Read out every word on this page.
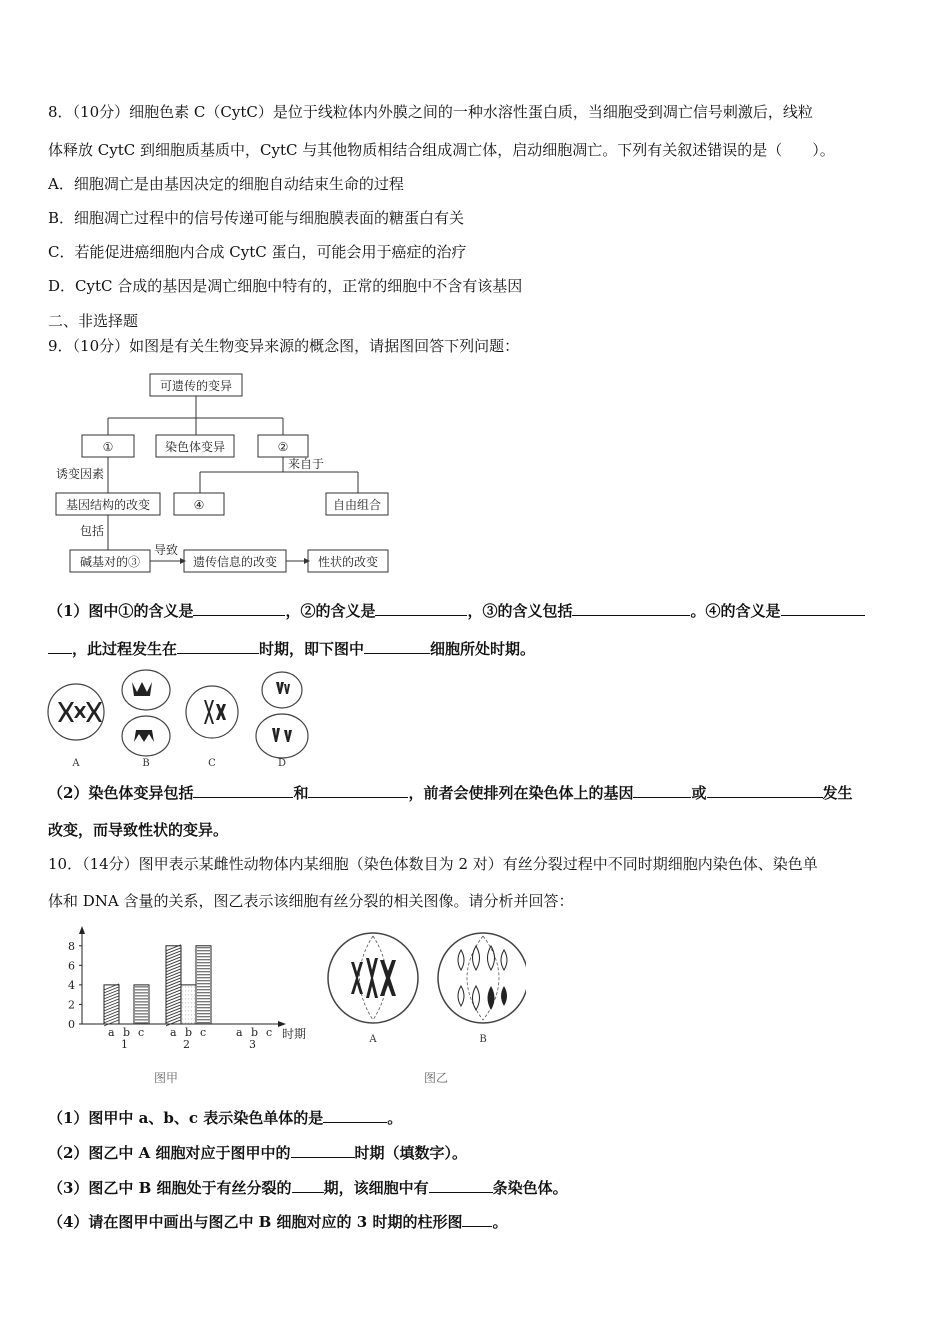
8．（10分）细胞色素 C（CytC）是位于线粒体内外膜之间的一种水溶性蛋白质，当细胞受到凋亡信号刺激后，线粒
体释放 CytC 到细胞质基质中，CytC 与其他物质相结合组成凋亡体，启动细胞凋亡。下列有关叙述错误的是（　　）。
A．细胞凋亡是由基因决定的细胞自动结束生命的过程
B．细胞凋亡过程中的信号传递可能与细胞膜表面的糖蛋白有关
C．若能促进癌细胞内合成 CytC 蛋白，可能会用于癌症的治疗
D．CytC 合成的基因是凋亡细胞中特有的，正常的细胞中不含有该基因
二、非选择题
9．（10分）如图是有关生物变异来源的概念图，请据图回答下列问题：
可遗传的变异
①	染色体变异	②
来自于
诱变因素
基因结构的改变	④	自由组合
包括
碱基对的③
导致
遗传信息的改变	性状的改变
（1）图中①的含义是	，②的含义是	，③的含义包括	。④的含义是
，此过程发生在	时期，即下图中	细胞所处时期。
A	B	C	D
（2）染色体变异包括	和	，前者会使排列在染色体上的基因	或	发生
改变，而导致性状的变异。
10．（14分）图甲表示某雌性动物体内某细胞（染色体数目为 2 对）有丝分裂过程中不同时期细胞内染色体、染色单
体和 DNA 含量的关系，图乙表示该细胞有丝分裂的相关图像。请分析并回答：
0
2
4
6
8
a b c
1
a b c
2
a b c
3
时期
图甲
A	B
图乙
（1）图甲中 a、b、c 表示染色单体的是	。
（2）图乙中 A 细胞对应于图甲中的	时期（填数字）。
（3）图乙中 B 细胞处于有丝分裂的 期，该细胞中有	条染色体。
（4）请在图甲中画出与图乙中 B 细胞对应的 3 时期的柱形图 。
